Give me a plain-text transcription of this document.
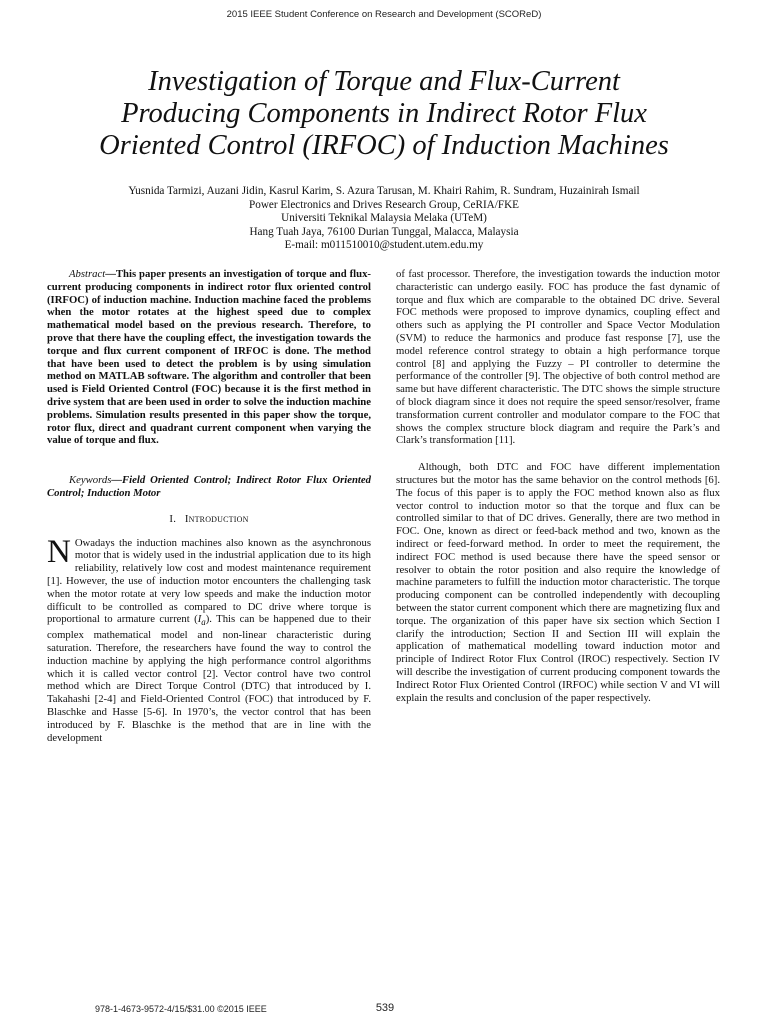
2015 IEEE Student Conference on Research and Development (SCOReD)
Investigation of Torque and Flux-Current
Producing Components in Indirect Rotor Flux
Oriented Control (IRFOC) of Induction Machines
Yusnida Tarmizi, Auzani Jidin, Kasrul Karim, S. Azura Tarusan, M. Khairi Rahim, R. Sundram, Huzainirah Ismail
Power Electronics and Drives Research Group, CeRIA/FKE
Universiti Teknikal Malaysia Melaka (UTeM)
Hang Tuah Jaya, 76100 Durian Tunggal, Malacca, Malaysia
E-mail: m011510010@student.utem.edu.my

Abstract—This paper presents an investigation of torque and flux-current producing components in indirect rotor flux oriented control (IRFOC) of induction machine. Induction machine faced the problems when the motor rotates at the highest speed due to complex mathematical model based on the previous research. Therefore, to prove that there have the coupling effect, the investigation towards the torque and flux current component of IRFOC is done. The method that have been used to detect the problem is by using simulation method on MATLAB software. The algorithm and controller that been used is Field Oriented Control (FOC) because it is the first method in drive system that are been used in order to solve the induction machine problems. Simulation results presented in this paper show the torque, rotor flux, direct and quadrant current component when varying the value of torque and flux.

Keywords—Field Oriented Control; Indirect Rotor Flux Oriented Control; Induction Motor

I. Introduction

N Owadays the induction machines also known as the asynchronous motor that is widely used in the industrial application due to its high reliability, relatively low cost and modest maintenance requirement [1]. However, the use of induction motor encounters the challenging task when the motor rotate at very low speeds and make the induction motor difficult to be controlled as compared to DC drive where torque is proportional to armature current $(I_a)$. This can be happened due to their complex mathematical model and non-linear characteristic during saturation. Therefore, the researchers have found the way to control the induction machine by applying the high performance control algorithms which it is called vector control [2]. Vector control have two control method which are Direct Torque Control (DTC) that introduced by I. Takahashi [2-4] and Field-Oriented Control (FOC) that introduced by F. Blaschke and Hasse [5-6]. In 1970’s, the vector control that has been introduced by F. Blaschke is the method that are in line with the development

of fast processor. Therefore, the investigation towards the induction motor characteristic can undergo easily. FOC has produce the fast dynamic of torque and flux which are comparable to the obtained DC drive. Several FOC methods were proposed to improve dynamics, coupling effect and others such as applying the PI controller and Space Vector Modulation (SVM) to reduce the harmonics and produce fast response [7], use the model reference control strategy to obtain a high performance torque control [8] and applying the Fuzzy – PI controller to determine the performance of the controller [9]. The objective of both control method are same but have different characteristic. The DTC shows the simple structure of block diagram since it does not require the speed sensor/resolver, frame transformation current controller and modulator compare to the FOC that shows the complex structure block diagram and require the Park’s and Clark’s transformation [11].

Although, both DTC and FOC have different implementation structures but the motor has the same behavior on the control methods [6]. The focus of this paper is to apply the FOC method known also as flux vector control to induction motor so that the torque and flux can be controlled similar to that of DC drives. Generally, there are two method in FOC. One, known as direct or feed-back method and two, known as the indirect or feed-forward method. In order to meet the requirement, the indirect FOC method is used because there have the speed sensor or resolver to obtain the rotor position and also require the knowledge of machine parameters to fulfill the induction motor characteristic. The torque producing component can be controlled independently with decoupling between the stator current component which there are magnetizing flux and torque. The organization of this paper have six section which Section I clarify the introduction; Section II and Section III will explain the application of mathematical modelling toward induction motor and principle of Indirect Rotor Flux Control (IROC) respectively. Section IV will describe the investigation of current producing component towards the Indirect Rotor Flux Oriented Control (IRFOC) while section V and VI will explain the results and conclusion of the paper respectively.

978-1-4673-9572-4/15/$31.00 ©2015 IEEE	539
